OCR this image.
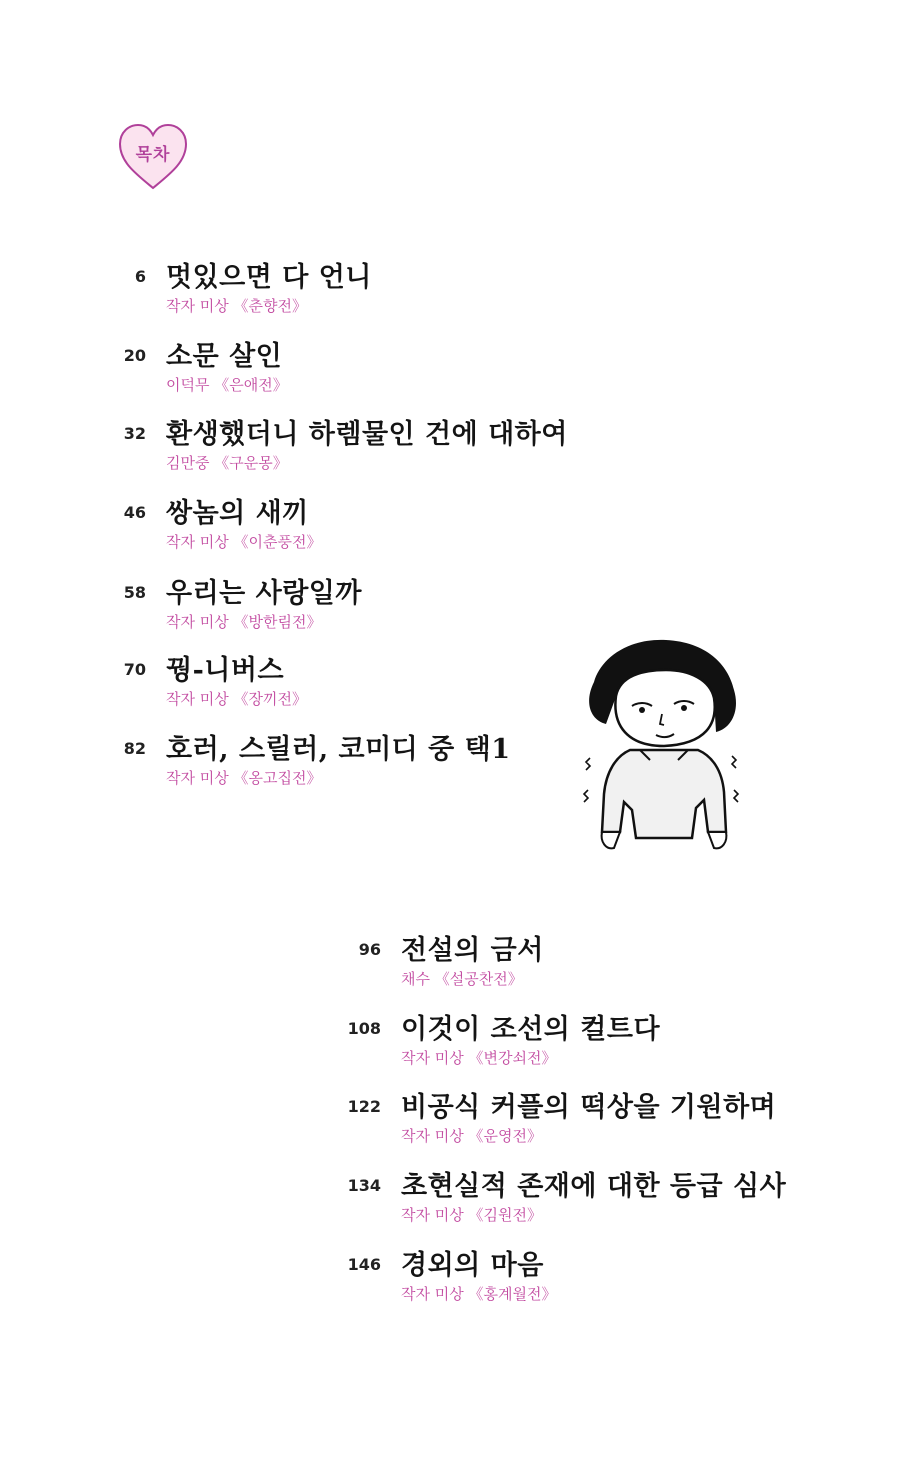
목차
6 멋있으면 다 언니
작자 미상 《춘향전》
20 소문 살인
이덕무 《은애전》
32 환생했더니 하렘물인 건에 대하여
김만중 《구운몽》
46 쌍놈의 새끼
작자 미상 《이춘풍전》
58 우리는 사랑일까
작자 미상 《방한림전》
70 꿩-니버스
작자 미상 《장끼전》
82 호러, 스릴러, 코미디 중 택1
작자 미상 《옹고집전》
96 전설의 금서
채수 《설공찬전》
108 이것이 조선의 컬트다
작자 미상 《변강쇠전》
122 비공식 커플의 떡상을 기원하며
작자 미상 《운영전》
134 초현실적 존재에 대한 등급 심사
작자 미상 《김원전》
146 경외의 마음
작자 미상 《홍계월전》
